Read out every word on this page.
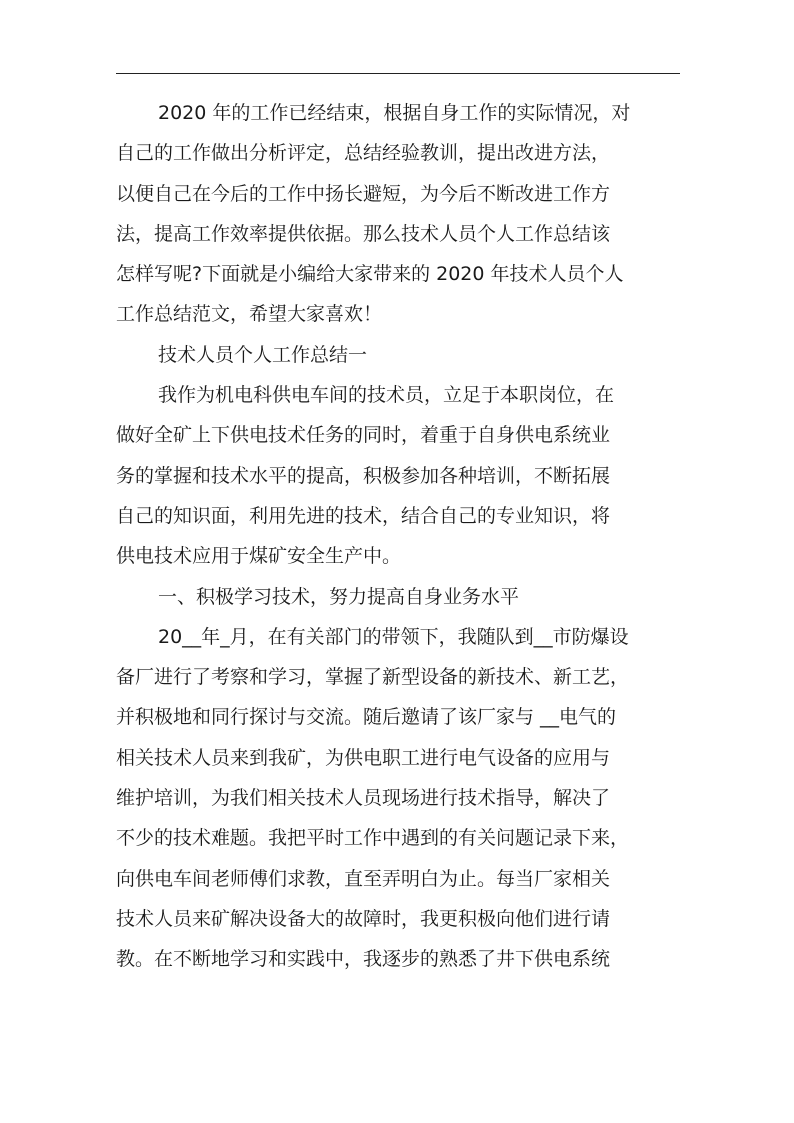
2020 年的工作已经结束，根据自身工作的实际情况，对
自己的工作做出分析评定，总结经验教训，提出改进方法，
以便自己在今后的工作中扬长避短，为今后不断改进工作方
法，提高工作效率提供依据。那么技术人员个人工作总结该
怎样写呢?下面就是小编给大家带来的 2020 年技术人员个人
工作总结范文，希望大家喜欢！
技术人员个人工作总结一
我作为机电科供电车间的技术员，立足于本职岗位，在
做好全矿上下供电技术任务的同时，着重于自身供电系统业
务的掌握和技术水平的提高，积极参加各种培训，不断拓展
自己的知识面，利用先进的技术，结合自己的专业知识，将
供电技术应用于煤矿安全生产中。
一、积极学习技术，努力提高自身业务水平
20__年_月，在有关部门的带领下，我随队到__市防爆设
备厂进行了考察和学习，掌握了新型设备的新技术、新工艺，
并积极地和同行探讨与交流。随后邀请了该厂家与 __电气的
相关技术人员来到我矿，为供电职工进行电气设备的应用与
维护培训，为我们相关技术人员现场进行技术指导，解决了
不少的技术难题。我把平时工作中遇到的有关问题记录下来，
向供电车间老师傅们求教，直至弄明白为止。每当厂家相关
技术人员来矿解决设备大的故障时，我更积极向他们进行请
教。在不断地学习和实践中，我逐步的熟悉了井下供电系统
